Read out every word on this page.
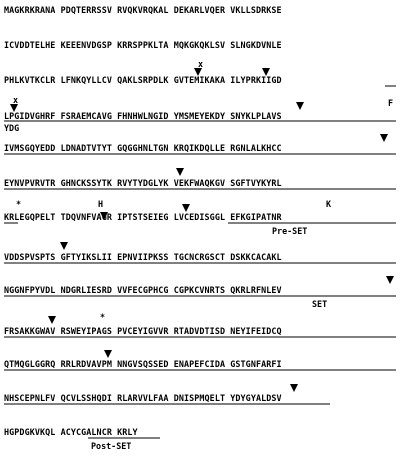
MAGKRKRANA PDQTERRSSV RVQKVRQKAL DEKARLVQER VKLLSDRKSE
ICVDDTELHE KEEENVDGSP KRRSPPKLTA MQKGKQKLSV SLNGKDVNLE
PHLKVTKCLR LFNKQYLLCV QAKLSRPDLK GVTEMIKAKA ILYPRKIIGD
LPGIDVGHRF FSRAEMCAVG FHNHWLNGID YMSMEYEKDY SNYKLPLAVS
IVMSGQYEDD LDNADTVTYT GQGGHNLTGN KRQIKDQLLE RGNLALKHCC
EYNVPVRVTR GHNCKSSYTK RVYTYDGLYK VEKFWAQKGV SGFTVYKYRL
KRLEGQPELT TDQVNFVAGR IPTSTSEIEG LVCEDISGGL EFKGIPATNR
VDDSPVSPTS GFTYIKSLII EPNVIIPKSS TGCNCRGSCT DSKKCACAKL
NGGNFPYVDL NDGRLIESRD VVFECGPHCG CGPKCVNRTS QKRLRFNLEV
FRSAKKGWAV RSWEYIPAGS PVCEYIGVVR RTADVDTISD NEYIFEIDCQ
QTMQGLGGRQ RRLRDVAVPM NNGVSQSSED ENAPEFCIDA GSTGNFARFI
NHSCEPNLFV QCVLSSHQDI RLARVVLFAA DNISPMQELT YDYGYALDSV
HGPDGKVKQL ACYCGALNCR KRLY
x
x	F
YDG
*	H	K
*
Pre-SET
SET
Post-SET
